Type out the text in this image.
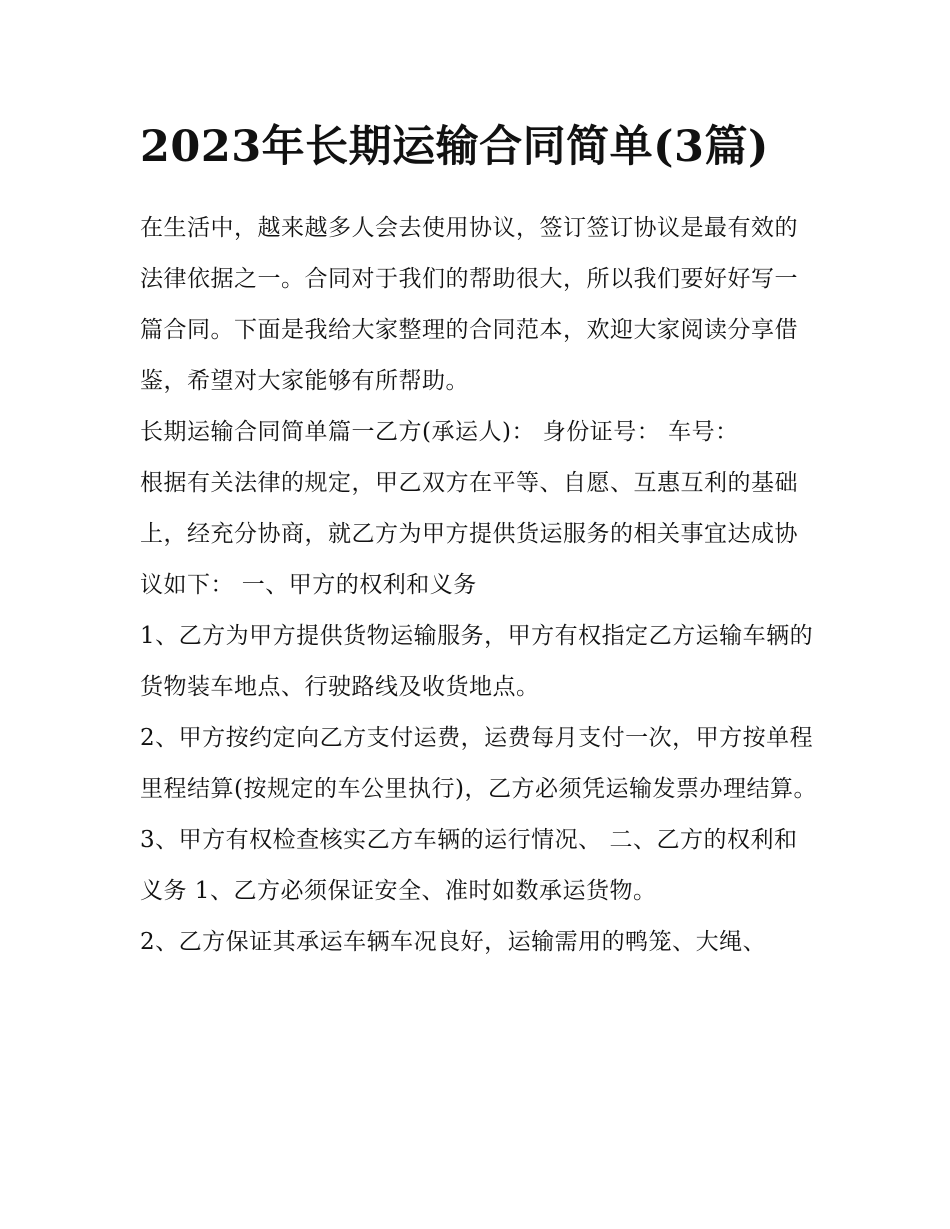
2023年长期运输合同简单(3篇)

在生活中，越来越多人会去使用协议，签订签订协议是最有效的法律依据之一。合同对于我们的帮助很大，所以我们要好好写一篇合同。下面是我给大家整理的合同范本，欢迎大家阅读分享借鉴，希望对大家能够有所帮助。

长期运输合同简单篇一乙方(承运人)： 身份证号： 车号：

根据有关法律的规定，甲乙双方在平等、自愿、互惠互利的基础上，经充分协商，就乙方为甲方提供货运服务的相关事宜达成协议如下： 一、甲方的权利和义务

1、乙方为甲方提供货物运输服务，甲方有权指定乙方运输车辆的货物装车地点、行驶路线及收货地点。

2、甲方按约定向乙方支付运费，运费每月支付一次，甲方按单程里程结算(按规定的车公里执行)，乙方必须凭运输发票办理结算。

3、甲方有权检查核实乙方车辆的运行情况、 二、乙方的权利和义务 1、乙方必须保证安全、准时如数承运货物。

2、乙方保证其承运车辆车况良好，运输需用的鸭笼、大绳、
